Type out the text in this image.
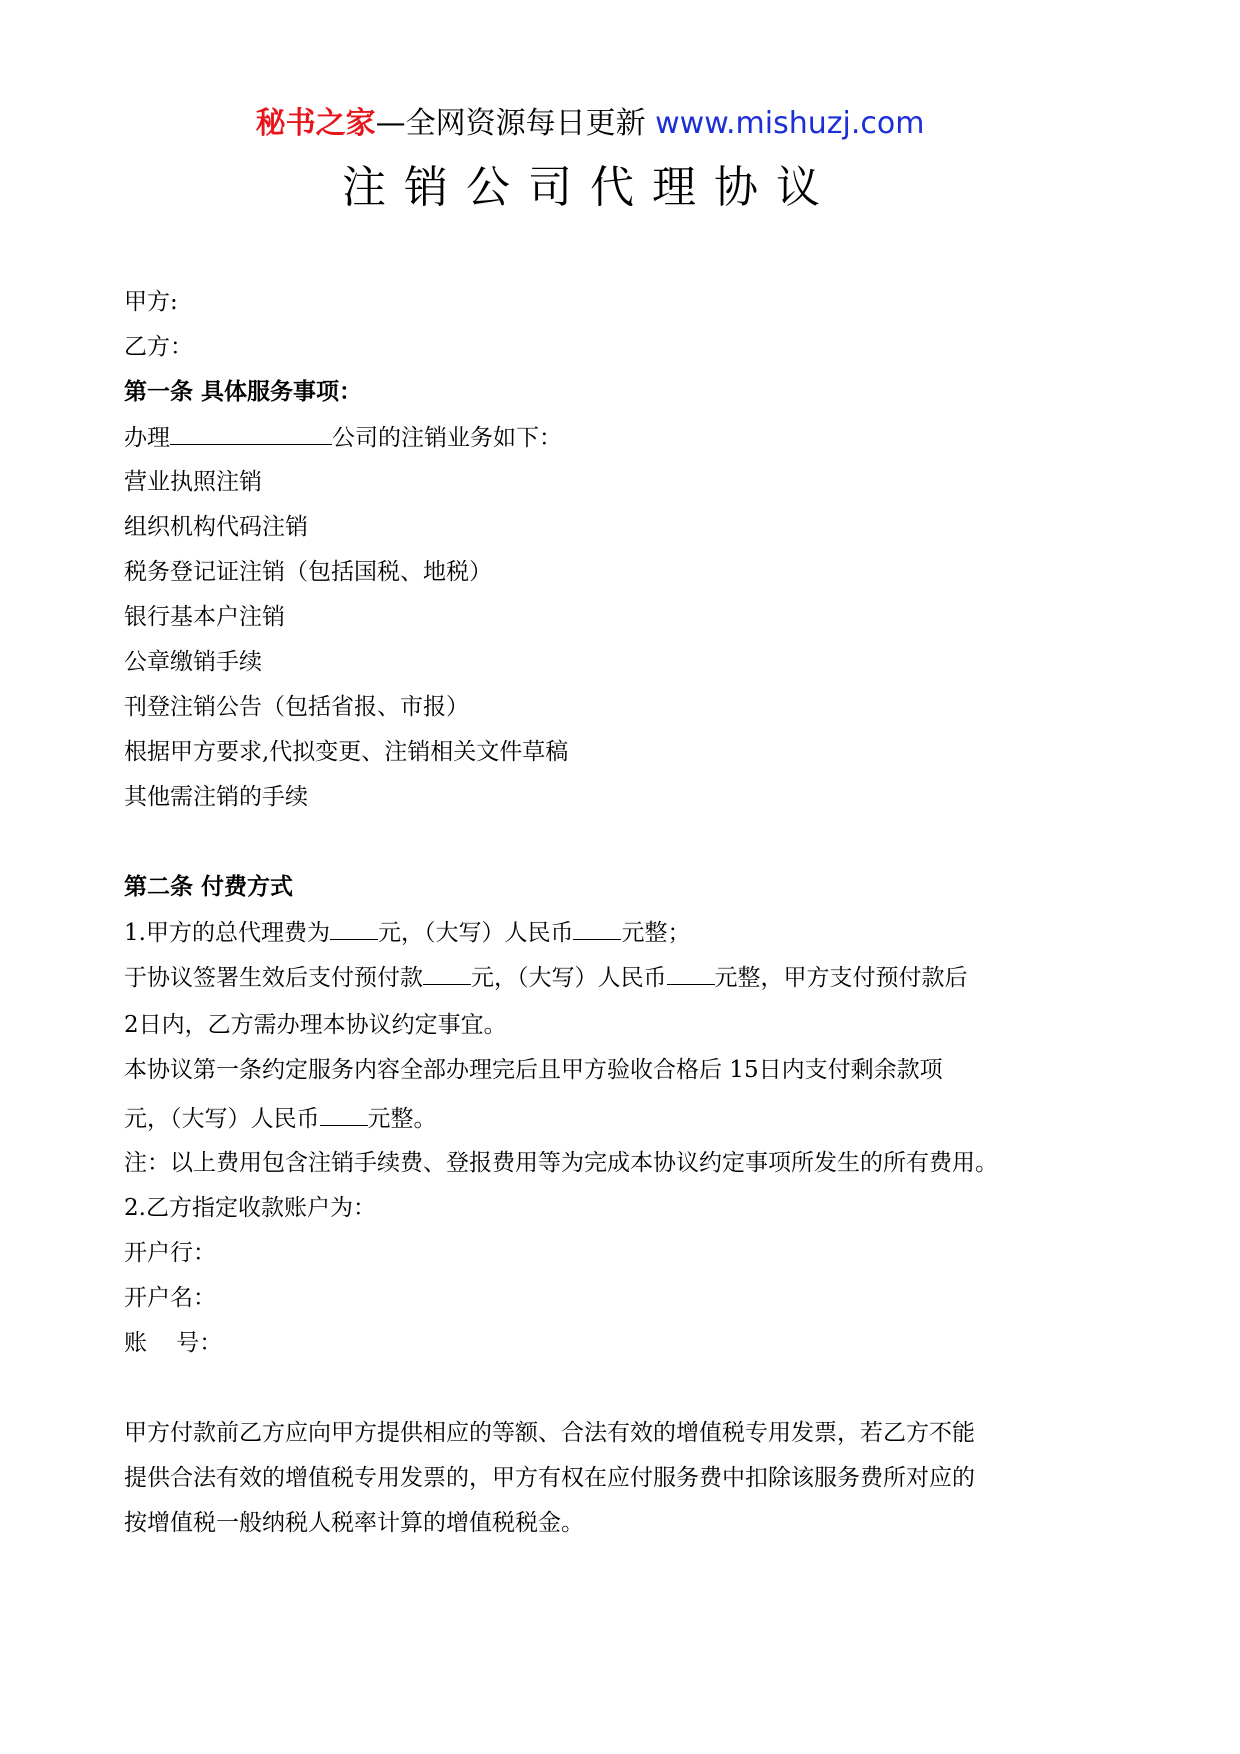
秘书之家—全网资源每日更新 www.mishuzj.com
注销公司代理协议
甲方:
乙方：
第一条 具体服务事项：
办理	公司的注销业务如下：
营业执照注销
组织机构代码注销
税务登记证注销（包括国税、地税）
银行基本户注销
公章缴销手续
刊登注销公告（包括省报、市报）
根据甲方要求,代拟变更、注销相关文件草稿
其他需注销的手续
第二条 付费方式
1.甲方的总代理费为 元，（大写）人民币 元整；
于协议签署生效后支付预付款 元，（大写）人民币 元整，甲方支付预付款后
2日内，乙方需办理本协议约定事宜。
本协议第一条约定服务内容全部办理完后且甲方验收合格后 15日内支付剩余款项
元，（大写）人民币 元整。
注：以上费用包含注销手续费、登报费用等为完成本协议约定事项所发生的所有费用。
2.乙方指定收款账户为：
开户行：
开户名：
账    号：
甲方付款前乙方应向甲方提供相应的等额、合法有效的增值税专用发票，若乙方不能
提供合法有效的增值税专用发票的，甲方有权在应付服务费中扣除该服务费所对应的
按增值税一般纳税人税率计算的增值税税金。
